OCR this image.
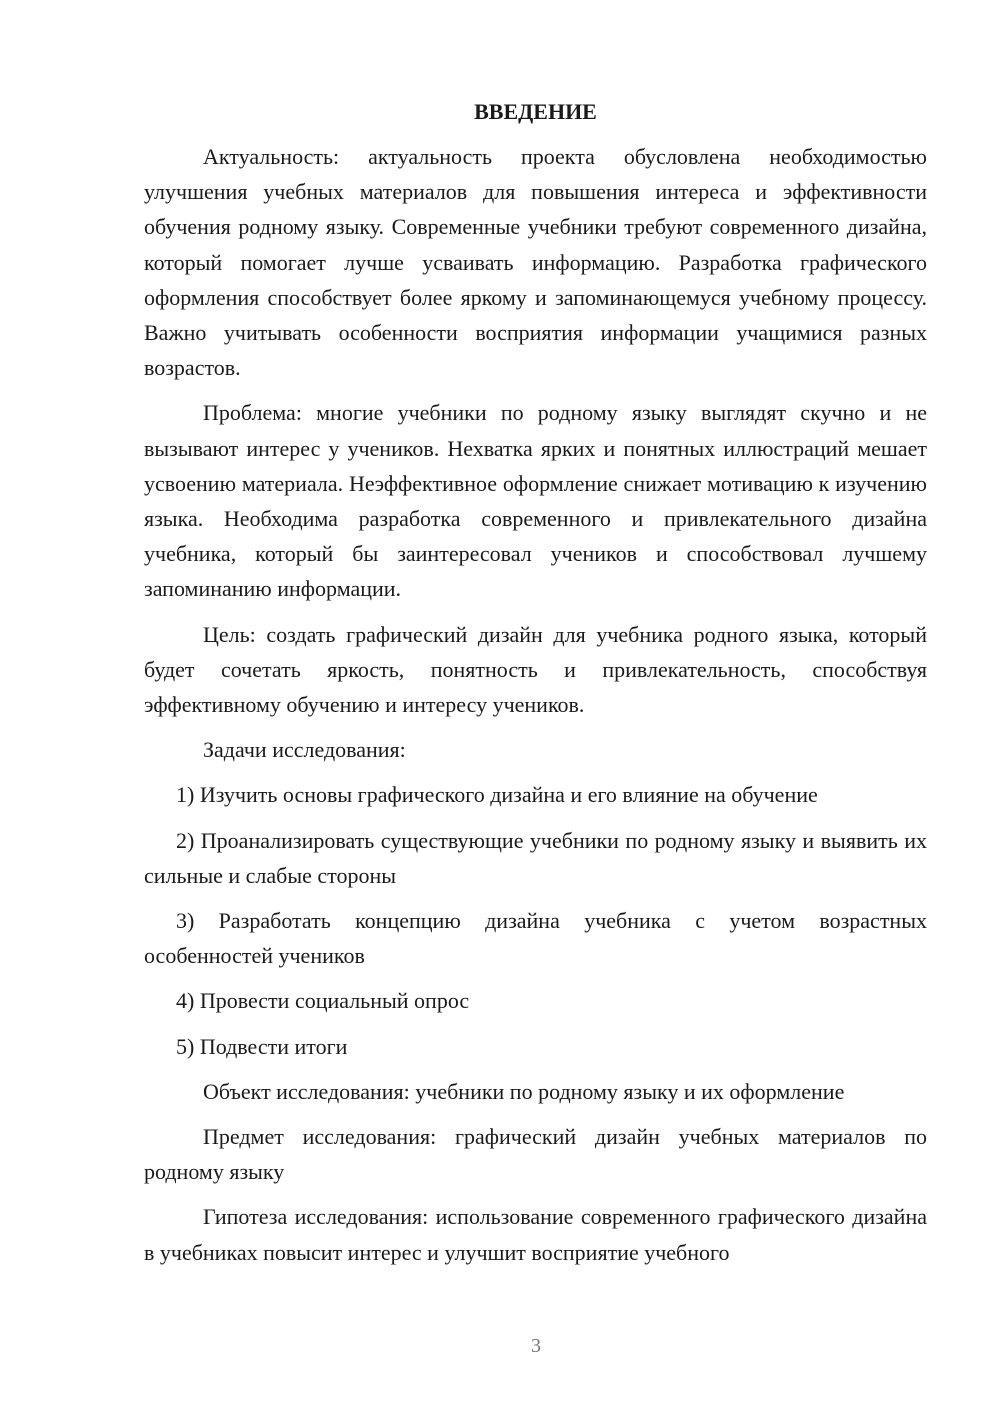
ВВЕДЕНИЕ

Актуальность: актуальность проекта обусловлена необходимостью улучшения учебных материалов для повышения интереса и эффективности обучения родному языку. Современные учебники требуют современного дизайна, который помогает лучше усваивать информацию. Разработка графического оформления способствует более яркому и запоминающемуся учебному процессу. Важно учитывать особенности восприятия информации учащимися разных возрастов.

Проблема: многие учебники по родному языку выглядят скучно и не вызывают интерес у учеников. Нехватка ярких и понятных иллюстраций мешает усвоению материала. Неэффективное оформление снижает мотивацию к изучению языка. Необходима разработка современного и привлекательного дизайна учебника, который бы заинтересовал учеников и способствовал лучшему запоминанию информации.

Цель: создать графический дизайн для учебника родного языка, который будет сочетать яркость, понятность и привлекательность, способствуя эффективному обучению и интересу учеников.

Задачи исследования:

1) Изучить основы графического дизайна и его влияние на обучение

2) Проанализировать существующие учебники по родному языку и выявить их сильные и слабые стороны

3) Разработать концепцию дизайна учебника с учетом возрастных особенностей учеников

4) Провести социальный опрос

5) Подвести итоги

Объект исследования: учебники по родному языку и их оформление

Предмет исследования: графический дизайн учебных материалов по родному языку

Гипотеза исследования: использование современного графического дизайна в учебниках повысит интерес и улучшит восприятие учебного

3
